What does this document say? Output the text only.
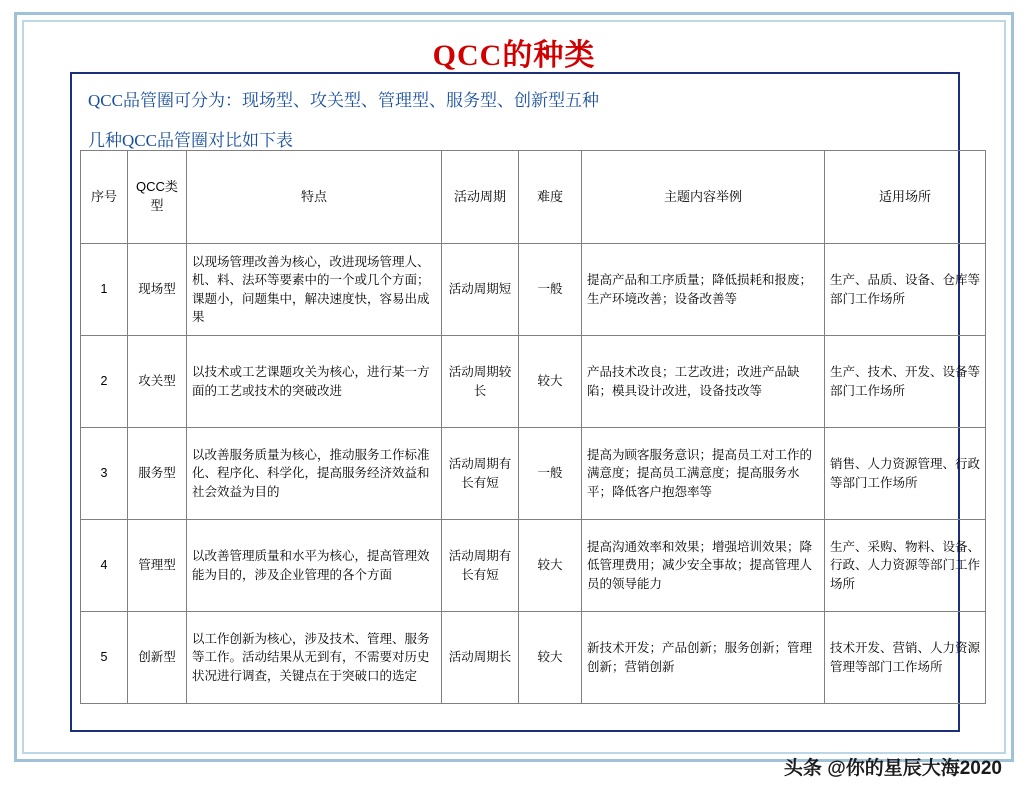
QCC的种类
QCC品管圈可分为：现场型、攻关型、管理型、服务型、创新型五种
几种QCC品管圈对比如下表
序号	QCC类型	特点	活动周期	难度	主题内容举例	适用场所
1	现场型	以现场管理改善为核心，改进现场管理人、机、料、法环等要素中的一个或几个方面；课题小，问题集中，解决速度快，容易出成果	活动周期短	一般	提高产品和工序质量；降低损耗和报废；生产环境改善；设备改善等	生产、品质、设备、仓库等部门工作场所
2	攻关型	以技术或工艺课题攻关为核心，进行某一方面的工艺或技术的突破改进	活动周期较长	较大	产品技术改良；工艺改进；改进产品缺陷；模具设计改进，设备技改等	生产、技术、开发、设备等部门工作场所
3	服务型	以改善服务质量为核心，推动服务工作标准化、程序化、科学化，提高服务经济效益和社会效益为目的	活动周期有长有短	一般	提高为顾客服务意识；提高员工对工作的满意度；提高员工满意度；提高服务水平；降低客户抱怨率等	销售、人力资源管理、行政等部门工作场所
4	管理型	以改善管理质量和水平为核心，提高管理效能为目的，涉及企业管理的各个方面	活动周期有长有短	较大	提高沟通效率和效果；增强培训效果；降低管理费用；减少安全事故；提高管理人员的领导能力	生产、采购、物料、设备、行政、人力资源等部门工作场所
5	创新型	以工作创新为核心，涉及技术、管理、服务等工作。活动结果从无到有，不需要对历史状况进行调查，关键点在于突破口的选定	活动周期长	较大	新技术开发；产品创新；服务创新；管理创新；营销创新	技术开发、营销、人力资源管理等部门工作场所
头条 @你的星辰大海2020
